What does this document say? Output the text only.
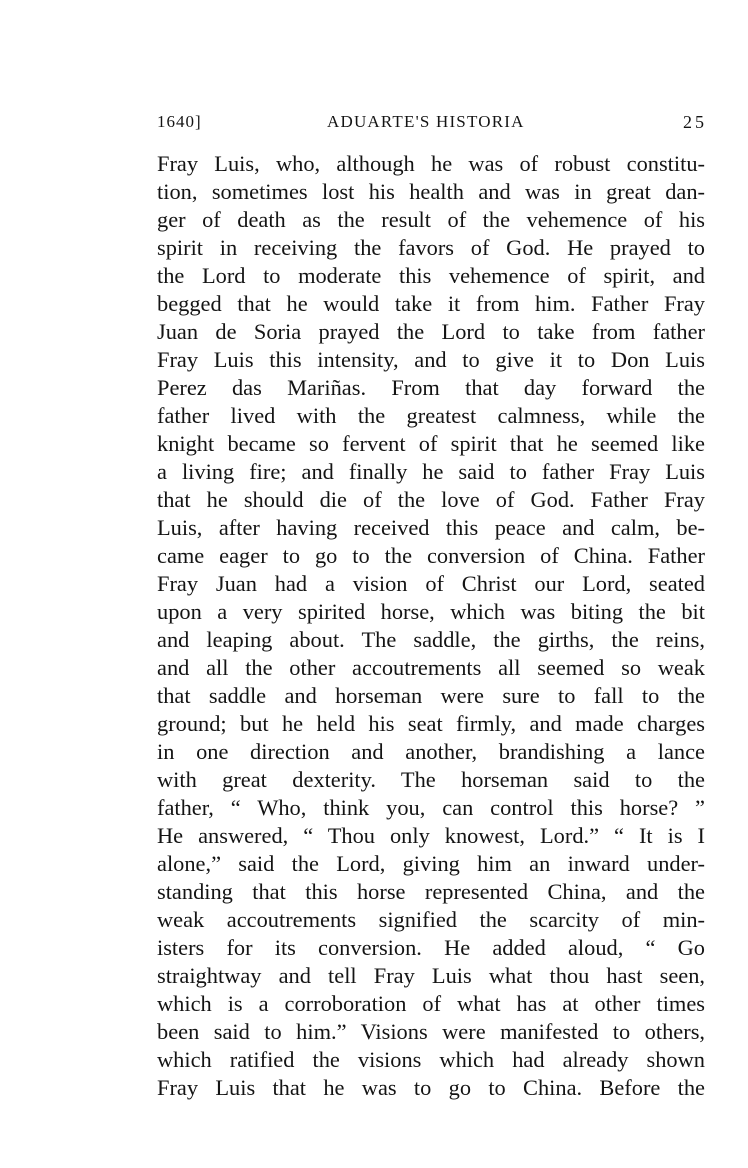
1640]	ADUARTE'S HISTORIA	25
Fray Luis, who, although he was of robust constitu-
tion, sometimes lost his health and was in great dan-
ger of death as the result of the vehemence of his
spirit in receiving the favors of God. He prayed to
the Lord to moderate this vehemence of spirit, and
begged that he would take it from him. Father Fray
Juan de Soria prayed the Lord to take from father
Fray Luis this intensity, and to give it to Don Luis
Perez das Mariñas. From that day forward the
father lived with the greatest calmness, while the
knight became so fervent of spirit that he seemed like
a living fire; and finally he said to father Fray Luis
that he should die of the love of God. Father Fray
Luis, after having received this peace and calm, be-
came eager to go to the conversion of China. Father
Fray Juan had a vision of Christ our Lord, seated
upon a very spirited horse, which was biting the bit
and leaping about. The saddle, the girths, the reins,
and all the other accoutrements all seemed so weak
that saddle and horseman were sure to fall to the
ground; but he held his seat firmly, and made charges
in one direction and another, brandishing a lance
with great dexterity. The horseman said to the
father, “ Who, think you, can control this horse? ”
He answered, “ Thou only knowest, Lord.” “ It is I
alone,” said the Lord, giving him an inward under-
standing that this horse represented China, and the
weak accoutrements signified the scarcity of min-
isters for its conversion. He added aloud, “ Go
straightway and tell Fray Luis what thou hast seen,
which is a corroboration of what has at other times
been said to him.” Visions were manifested to others,
which ratified the visions which had already shown
Fray Luis that he was to go to China. Before the
